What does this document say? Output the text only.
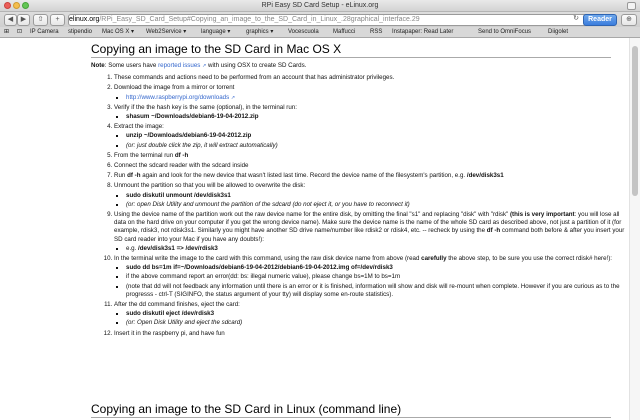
RPi Easy SD Card Setup - eLinux.org
◀	▶	⇧	+	elinux.org/RPi_Easy_SD_Card_Setup#Copying_an_image_to_the_SD_Card_in_Linux_.28graphical_interface.29	Reader
↻	⊕
⊞ ⊡ IP Camera stipendio Mac OS X ▾ Web2Service ▾ language ▾	graphics ▾ Vocescuola Maffucci RSS Instapaper: Read Later	Send to OmniFocus	Diigolet
Copying an image to the SD Card in Mac OS X

Note: Some users have reported issues ↗ with using OSX to create SD Cards.

1. These commands and actions need to be performed from an account that has administrator privileges.
2. Download the image from a mirror or torrent
▪ http://www.raspberrypi.org/downloads ↗
3. Verify if the the hash key is the same (optional), in the terminal run:
▪ shasum ~/Downloads/debian6-19-04-2012.zip
4. Extract the image:
▪ unzip ~/Downloads/debian6-19-04-2012.zip
▪ (or: just double click the zip, it will extract automatically)
5. From the terminal run df -h
6. Connect the sdcard reader with the sdcard inside
7. Run df -h again and look for the new device that wasn't listed last time. Record the device name of the filesystem's partition, e.g. /dev/disk3s1
8. Unmount the partition so that you will be allowed to overwrite the disk:
▪ sudo diskutil unmount /dev/disk3s1
▪ (or: open Disk Utility and unmount the partition of the sdcard (do not eject it, or you have to reconnect it)
9. Using the device name of the partition work out the raw device name for the entire disk, by omitting the final "s1" and replacing "disk" with "rdisk" (this is very important: you will lose all data on the hard drive on your computer if you get the wrong device name). Make sure the device name is the name of the whole SD card as described above, not just a partition of it (for example, rdisk3, not rdisk3s1. Similarly you might have another SD drive name/number like rdisk2 or rdisk4, etc. -- recheck by using the df -h command both before & after you insert your SD card reader into your Mac if you have any doubts!):
▪ e.g. /dev/disk3s1 => /dev/rdisk3
10. In the terminal write the image to the card with this command, using the raw disk device name from above (read carefully the above step, to be sure you use the correct rdisk# here!):
▪ sudo dd bs=1m if=~/Downloads/debian6-19-04-2012/debian6-19-04-2012.img of=/dev/rdisk3
▪ if the above command report an error(dd: bs: illegal numeric value), please change bs=1M to bs=1m
▪ (note that dd will not feedback any information until there is an error or it is finished, information will show and disk will re-mount when complete. However if you are curious as to the progresss - ctrl-T (SIGINFO, the status argument of your tty) will display some en-route statistics).
11. After the dd command finishes, eject the card:
▪ sudo diskutil eject /dev/rdisk3
▪ (or: Open Disk Utility and eject the sdcard)
12. Insert it in the raspberry pi, and have fun
Copying an image to the SD Card in Linux (command line)
